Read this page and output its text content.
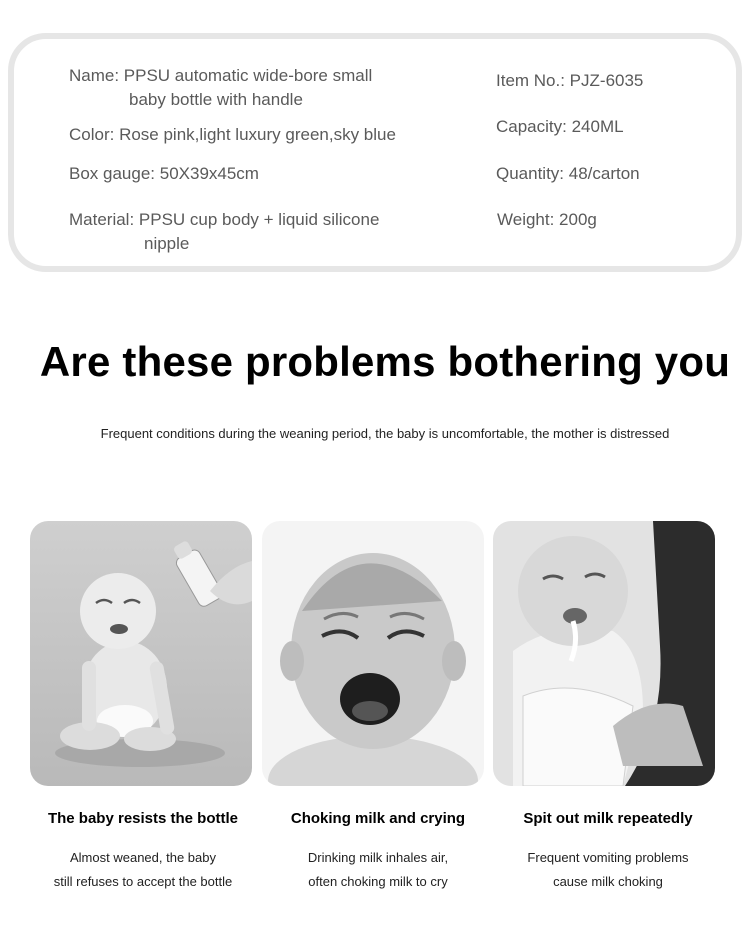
Name: PPSU automatic wide-bore small
baby bottle with handle
Color: Rose pink,light luxury green,sky blue
Box gauge: 50X39x45cm
Material: PPSU cup body + liquid silicone
nipple
Item No.: PJZ-6035
Capacity: 240ML
Quantity: 48/carton
Weight: 200g
Are these problems bothering you
Frequent conditions during the weaning period, the baby is uncomfortable, the mother is distressed
The baby resists the bottle
Almost weaned, the baby
still refuses to accept the bottle
Choking milk and crying
Drinking milk inhales air,
often choking milk to cry
Spit out milk repeatedly
Frequent vomiting problems
cause milk choking
